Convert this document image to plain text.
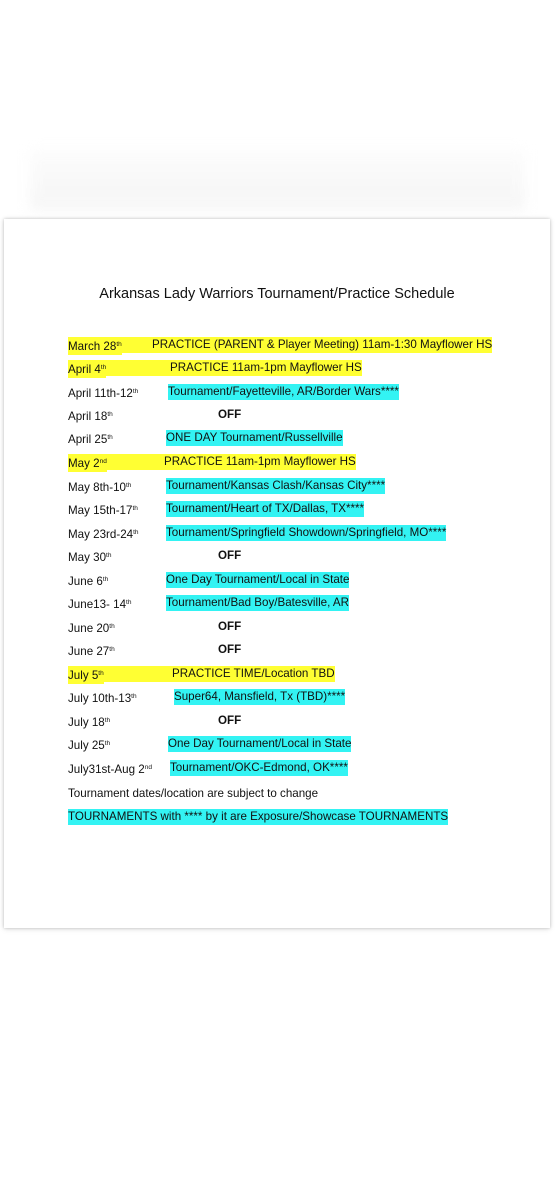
Arkansas Lady Warriors Tournament/Practice Schedule
March 28th	PRACTICE (PARENT & Player Meeting) 11am-1:30 Mayflower HS
April 4th	PRACTICE 11am-1pm Mayflower HS
April 11th-12th	Tournament/Fayetteville, AR/Border Wars****
April 18th	OFF
April 25th	ONE DAY Tournament/Russellville
May 2nd	PRACTICE 11am-1pm Mayflower HS
May 8th-10th	Tournament/Kansas Clash/Kansas City****
May 15th-17th Tournament/Heart of TX/Dallas, TX****
May 23rd-24th Tournament/Springfield Showdown/Springfield, MO****
May 30th	OFF
June 6th	One Day Tournament/Local in State
June13- 14th	Tournament/Bad Boy/Batesville, AR
June 20th	OFF
June 27th	OFF
July 5th	PRACTICE TIME/Location TBD
July 10th-13th	Super64, Mansfield, Tx (TBD)****
July 18th	OFF
July 25th	One Day Tournament/Local in State
July31st-Aug 2nd Tournament/OKC-Edmond, OK****
Tournament dates/location are subject to change
TOURNAMENTS with **** by it are Exposure/Showcase TOURNAMENTS
